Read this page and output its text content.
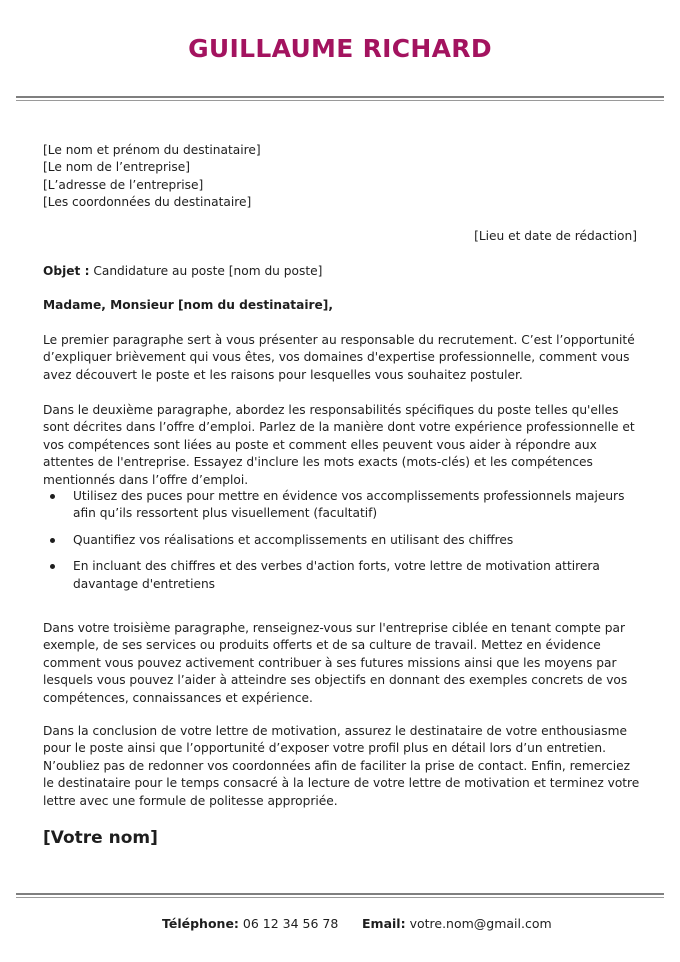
GUILLAUME RICHARD
[Le nom et prénom du destinataire]
[Le nom de l’entreprise]
[L’adresse de l’entreprise]
[Les coordonnées du destinataire]
[Lieu et date de rédaction]
Objet : Candidature au poste [nom du poste]
Madame, Monsieur [nom du destinataire],

Le premier paragraphe sert à vous présenter au responsable du recrutement. C’est l’opportunité d’expliquer brièvement qui vous êtes, vos domaines d'expertise professionnelle, comment vous avez découvert le poste et les raisons pour lesquelles vous souhaitez postuler.

Dans le deuxième paragraphe, abordez les responsabilités spécifiques du poste telles qu'elles sont décrites dans l’offre d’emploi. Parlez de la manière dont votre expérience professionnelle et vos compétences sont liées au poste et comment elles peuvent vous aider à répondre aux attentes de l'entreprise. Essayez d'inclure les mots exacts (mots-clés) et les compétences mentionnés dans l’offre d’emploi.

Utilisez des puces pour mettre en évidence vos accomplissements professionnels majeurs afin qu’ils ressortent plus visuellement (facultatif)
Quantifiez vos réalisations et accomplissements en utilisant des chiffres
En incluant des chiffres et des verbes d'action forts, votre lettre de motivation attirera davantage d'entretiens

Dans votre troisième paragraphe, renseignez-vous sur l'entreprise ciblée en tenant compte par exemple, de ses services ou produits offerts et de sa culture de travail. Mettez en évidence comment vous pouvez activement contribuer à ses futures missions ainsi que les moyens par lesquels vous pouvez l’aider à atteindre ses objectifs en donnant des exemples concrets de vos compétences, connaissances et expérience.

Dans la conclusion de votre lettre de motivation, assurez le destinataire de votre enthousiasme pour le poste ainsi que l’opportunité d’exposer votre profil plus en détail lors d’un entretien. N’oubliez pas de redonner vos coordonnées afin de faciliter la prise de contact. Enfin, remerciez le destinataire pour le temps consacré à la lecture de votre lettre de motivation et terminez votre lettre avec une formule de politesse appropriée.

[Votre nom]
Téléphone: 06 12 34 56 78 Email: votre.nom@gmail.com
